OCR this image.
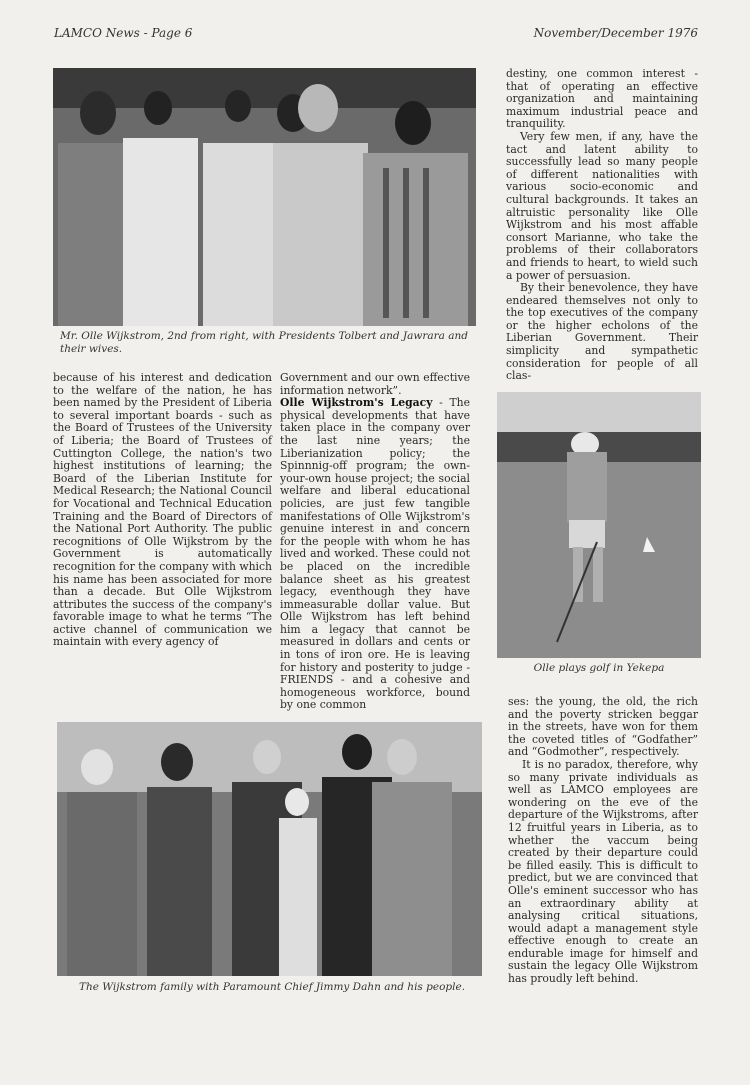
LAMCO News - Page 6	November/December 1976
Mr. Olle Wijkstrom, 2nd from right, with Presidents Tolbert and Jawrara and their wives.

because of his interest and dedication to the welfare of the nation, he has been named by the President of Liberia to several important boards - such as the Board of Trustees of the University of Liberia; the Board of Trustees of Cuttington College, the nation's two highest institutions of learning; the Board of the Liberian Institute for Medical Research; the National Council for Vocational and Technical Education Training and the Board of Directors of the National Port Authority. The public recognitions of Olle Wijkstrom by the Government is automatically recognition for the company with which his name has been associated for more than a decade. But Olle Wijkstrom attributes the success of the company's favorable image to what he terms “The active channel of communication we maintain with every agency of

Government and our own effective information network”.

Olle Wijkstrom's Legacy - The physical developments that have taken place in the company over the last nine years; the Liberianization policy; the Spinnnig-off program; the own-your-own house project; the social welfare and liberal educational policies, are just few tangible manifestations of Olle Wijkstrom's genuine interest in and concern for the people with whom he has lived and worked. These could not be placed on the incredible balance sheet as his greatest legacy, eventhough they have immeasurable dollar value. But Olle Wijkstrom has left behind him a legacy that cannot be measured in dollars and cents or in tons of iron ore. He is leaving for history and posterity to judge - FRIENDS - and a cohesive and homogeneous workforce, bound by one common

destiny, one common interest - that of operating an effective organization and maintaining maximum industrial peace and tranquility.

Very few men, if any, have the tact and latent ability to successfully lead so many people of different nationalities with various socio-economic and cultural backgrounds. It takes an altruistic personality like Olle Wijkstrom and his most affable consort Marianne, who take the problems of their collaborators and friends to heart, to wield such a power of persuasion.

By their benevolence, they have endeared themselves not only to the top executives of the company or the higher echolons of the Liberian Government. Their simplicity and sympathetic consideration for people of all clas-

Olle plays golf in Yekepa

ses: the young, the old, the rich and the poverty stricken beggar in the streets, have won for them the coveted titles of “Godfather” and “Godmother”, respectively.

It is no paradox, therefore, why so many private individuals as well as LAMCO employees are wondering on the eve of the departure of the Wijkstroms, after 12 fruitful years in Liberia, as to whether the vaccum being created by their departure could be filled easily. This is difficult to predict, but we are convinced that Olle's eminent successor who has an extraordinary ability at analysing critical situations, would adapt a management style effective enough to create an endurable image for himself and sustain the legacy Olle Wijkstrom has proudly left behind.

The Wijkstrom family with Paramount Chief Jimmy Dahn and his people.
